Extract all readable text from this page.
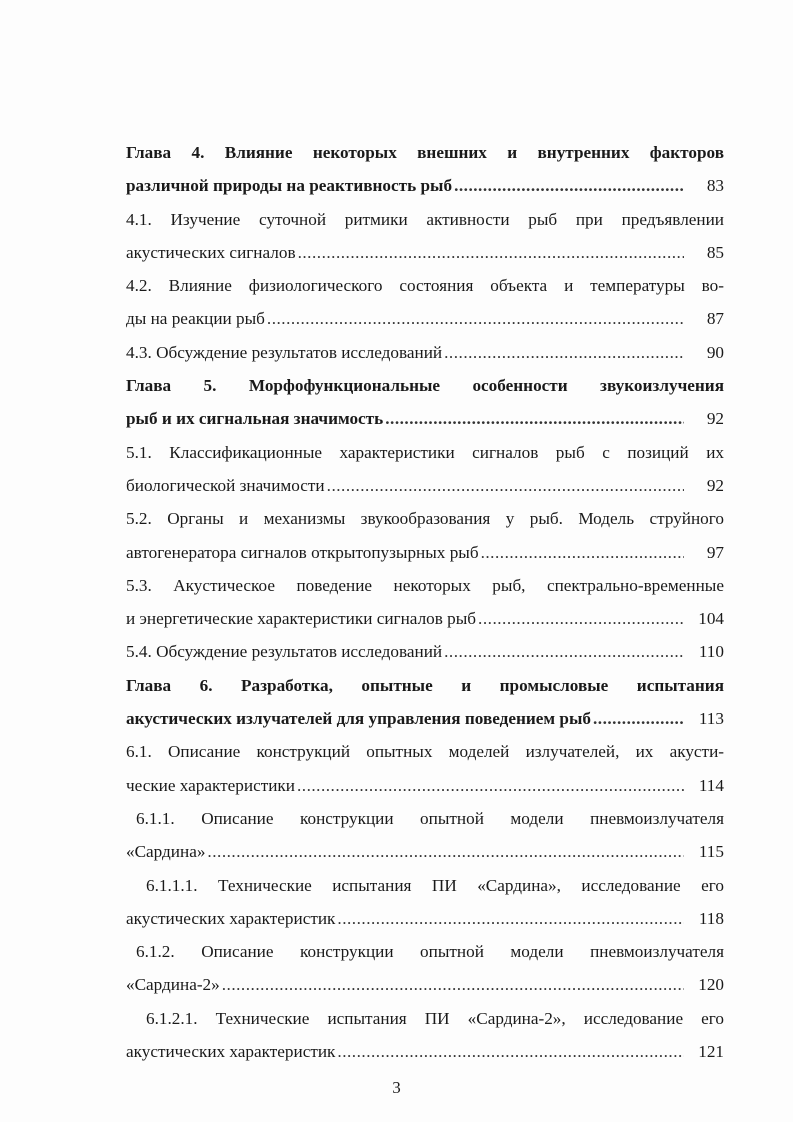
Глава 4. Влияние некоторых внешних и внутренних факторов
различной природы на реактивность рыб .....	83
4.1. Изучение суточной ритмики активности рыб при предъявлении
акустических сигналов .....	85
4.2. Влияние физиологического состояния объекта и температуры во-
ды на реакции рыб .....	87
4.3. Обсуждение результатов исследований .....	90
Глава 5. Морфофункциональные особенности звукоизлучения
рыб и их сигнальная значимость .....	92
5.1. Классификационные характеристики сигналов рыб с позиций их
биологической значимости .....	92
5.2. Органы и механизмы звукообразования у рыб. Модель струйного
автогенератора сигналов открытопузырных рыб .....	97
5.3. Акустическое поведение некоторых рыб, спектрально-временные
и энергетические характеристики сигналов рыб .....	104
5.4. Обсуждение результатов исследований .....	110
Глава 6. Разработка, опытные и промысловые испытания
акустических излучателей для управления поведением рыб .....	113
6.1. Описание конструкций опытных моделей излучателей, их акусти-
ческие характеристики .....	114
6.1.1. Описание конструкции опытной модели пневмоизлучателя
«Сардина» .....	115
6.1.1.1. Технические испытания ПИ «Сардина», исследование его
акустических характеристик .....	118
6.1.2. Описание конструкции опытной модели пневмоизлучателя
«Сардина-2» .....	120
6.1.2.1. Технические испытания ПИ «Сардина-2», исследование его
акустических характеристик .....	121
3
